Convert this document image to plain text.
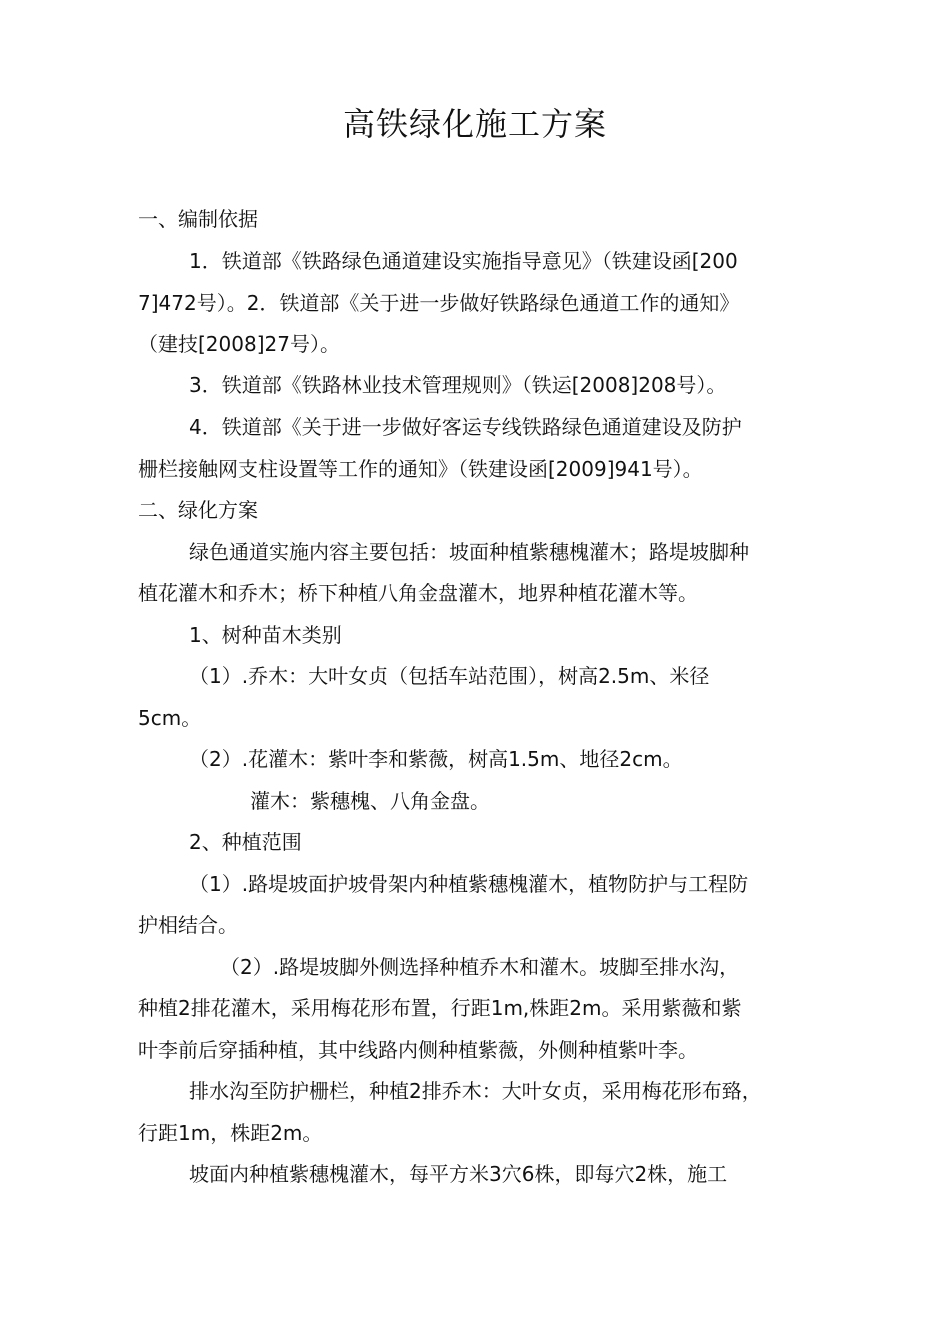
高铁绿化施工方案
一、编制依据
1．铁道部《铁路绿色通道建设实施指导意见》（铁建设函[200
7]472号）。2．铁道部《关于进一步做好铁路绿色通道工作的通知》
（建技[2008]27号）。
3．铁道部《铁路林业技术管理规则》（铁运[2008]208号）。
4．铁道部《关于进一步做好客运专线铁路绿色通道建设及防护
栅栏接触网支柱设置等工作的通知》（铁建设函[2009]941号）。
二、绿化方案
绿色通道实施内容主要包括：坡面种植紫穗槐灌木；路堤坡脚种
植花灌木和乔木；桥下种植八角金盘灌木，地界种植花灌木等。
1、树种苗木类别
（1）.乔木：大叶女贞（包括车站范围），树高2.5m、米径
5cm。
（2）.花灌木：紫叶李和紫薇，树高1.5m、地径2cm。
灌木：紫穗槐、八角金盘。
2、种植范围
（1）.路堤坡面护坡骨架内种植紫穗槐灌木，植物防护与工程防
护相结合。
（2）.路堤坡脚外侧选择种植乔木和灌木。坡脚至排水沟，
种植2排花灌木，采用梅花形布置，行距1m,株距2m。采用紫薇和紫
叶李前后穿插种植，其中线路内侧种植紫薇，外侧种植紫叶李。
排水沟至防护栅栏，种植2排乔木：大叶女贞，采用梅花形布臵，
行距1m，株距2m。
坡面内种植紫穗槐灌木，每平方米3穴6株，即每穴2株，施工
